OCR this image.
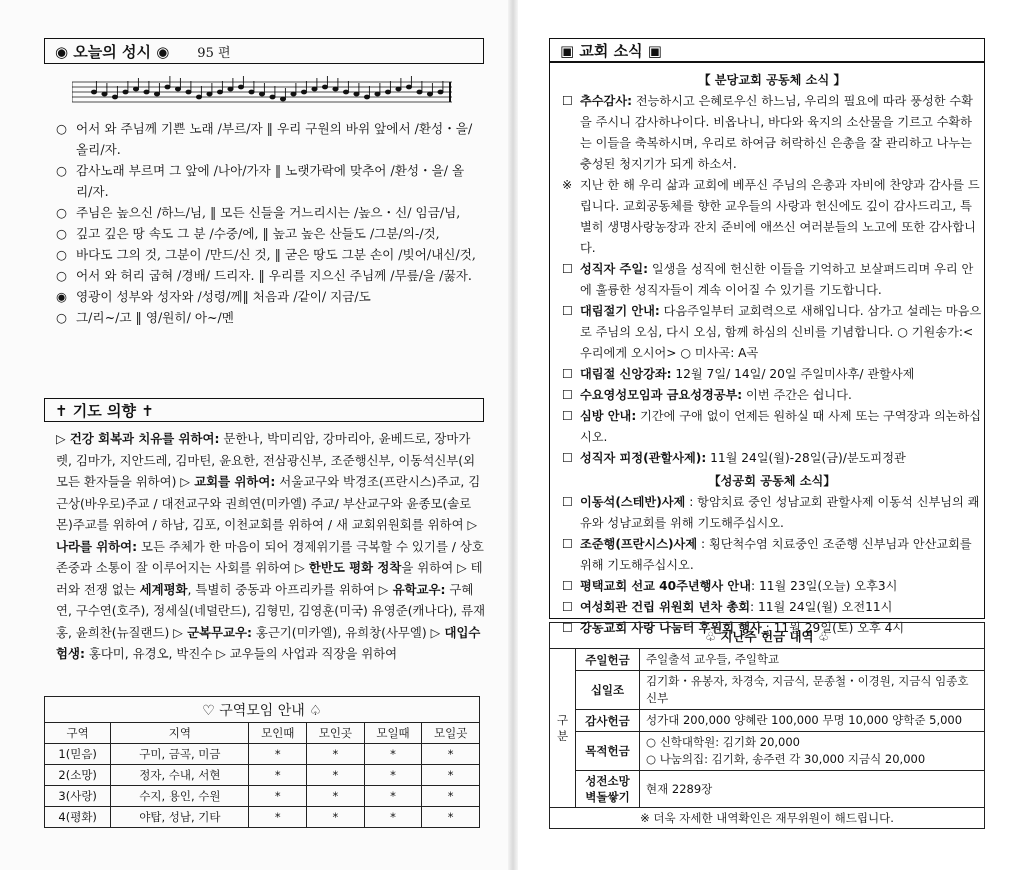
◉ 오늘의 성시 ◉ 95 편
○ 어서 와 주님께 기쁜 노래 /부르/자 ‖ 우리 구원의 바위 앞에서 /환성・을/올리/자.
○ 감사노래 부르며 그 앞에 /나아/가자 ‖ 노랫가락에 맞추어 /환성・을/ 올리/자.
○ 주님은 높으신 /하느/님, ‖ 모든 신들을 거느리시는 /높으・신/ 임금/님,
○ 깊고 깊은 땅 속도 그 분 /수중/에, ‖ 높고 높은 산들도 /그분/의-/것,
○ 바다도 그의 것, 그분이 /만드/신 것, ‖ 굳은 땅도 그분 손이 /빚어/내신/것,
○ 어서 와 허리 굽혀 /경배/ 드리자. ‖ 우리를 지으신 주님께 /무릎/을 /꿇자.
◉ 영광이 성부와 성자와 /성령/께‖ 처음과 /같이/ 지금/도
○ 그/리~/고 ‖ 영/원히/ 아~/멘
✝ 기도 의향 ✝
▷ 건강 회복과 치유를 위하여: 문한나, 박미리암, 강마리아, 윤베드로, 장마가렛, 김마가, 지안드레, 김마틴, 윤요한, 전삼광신부, 조준행신부, 이동석신부(외 모든 환자들을 위하여) ▷ 교회를 위하여: 서울교구와 박경조(프란시스)주교, 김근상(바우로)주교 / 대전교구와 권희연(미카엘) 주교/ 부산교구와 윤종모(솔로몬)주교를 위하여 / 하남, 김포, 이천교회를 위하여 / 새 교회위원회를 위하여 ▷ 나라를 위하여: 모든 주체가 한 마음이 되어 경제위기를 극복할 수 있기를 / 상호존중과 소통이 잘 이루어지는 사회를 위하여 ▷ 한반도 평화 정착을 위하여 ▷ 테러와 전쟁 없는 세계평화, 특별히 중동과 아프리카를 위하여 ▷ 유학교우: 구혜연, 구수연(호주), 정세실(네덜란드), 김형민, 김영훈(미국) 유영준(캐나다), 류재홍, 윤희찬(뉴질랜드) ▷ 군복무교우: 홍근기(미카엘), 유희창(사무엘) ▷ 대입수험생: 홍다미, 유경오, 박진수 ▷ 교우들의 사업과 직장을 위하여
♡ 구역모임 안내 ♤					
구역	지역	모인때	모인곳	모일때	모일곳
1(믿음)	구미, 금곡, 미금	*	*	*	*
2(소망)	정자, 수내, 서현	*	*	*	*
3(사랑)	수지, 용인, 수원	*	*	*	*
4(평화)	야탑, 성남, 기타	*	*	*	*
▣ 교회 소식 ▣
【 분당교회 공동체 소식 】
☐ 추수감사: 전능하시고 은혜로우신 하느님, 우리의 필요에 따라 풍성한 수확을 주시니 감사하나이다. 비옵나니, 바다와 육지의 소산물을 기르고 수확하는 이들을 축복하시며, 우리로 하여금 허락하신 은총을 잘 관리하고 나누는 충성된 청지기가 되게 하소서.
※ 지난 한 해 우리 삶과 교회에 베푸신 주님의 은총과 자비에 찬양과 감사를 드립니다. 교회공동체를 향한 교우들의 사랑과 헌신에도 깊이 감사드리고, 특별히 생명사랑농장과 잔치 준비에 애쓰신 여러분들의 노고에 또한 감사합니다.
☐ 성직자 주일: 일생을 성직에 헌신한 이들을 기억하고 보살펴드리며 우리 안에 훌륭한 성직자들이 계속 이어질 수 있기를 기도합니다.
☐ 대림절기 안내: 다음주일부터 교회력으로 새해입니다. 삼가고 설레는 마음으로 주님의 오심, 다시 오심, 함께 하심의 신비를 기념합니다. ○ 기원송가:<우리에게 오시어> ○ 미사곡: A곡
☐ 대림절 신앙강좌: 12월 7일/ 14일/ 20일 주일미사후/ 관할사제
☐ 수요영성모임과 금요성경공부: 이번 주간은 쉽니다.
☐ 심방 안내: 기간에 구애 없이 언제든 원하실 때 사제 또는 구역장과 의논하십시오.
☐ 성직자 피정(관할사제): 11월 24일(월)-28일(금)/분도피정관
【성공회 공동체 소식】
☐ 이동석(스테반)사제 : 항암치료 중인 성남교회 관할사제 이동석 신부님의 쾌유와 성남교회를 위해 기도해주십시오.
☐ 조준행(프란시스)사제 : 횡단척수염 치료중인 조준행 신부님과 안산교회를 위해 기도해주십시오.
☐ 평택교회 선교 40주년행사 안내: 11월 23일(오늘) 오후3시
☐ 여성회관 건립 위원회 년차 총회: 11월 24일(월) 오전11시
☐ 강동교회 사랑 나눔터 후원회 행사 : 11월 29일(토) 오후 4시
♧ 지난주 헌금 내역 ♧		
구분	주일헌금	주일출석 교우들, 주일학교
	십일조	김기화・유봉자, 차경숙, 지금식, 문종철・이경원, 지금식 임종호신부
	감사헌금	성가대 200,000 양혜란 100,000 무명 10,000 양학준 5,000
	목적헌금	○ 신학대학원: 김기화 20,000
○ 나눔의집: 김기화, 송주련 각 30,000 지금식 20,000
	성전소망 벽돌쌓기	현재 2289장
※ 더욱 자세한 내역확인은 재무위원이 해드립니다.		
